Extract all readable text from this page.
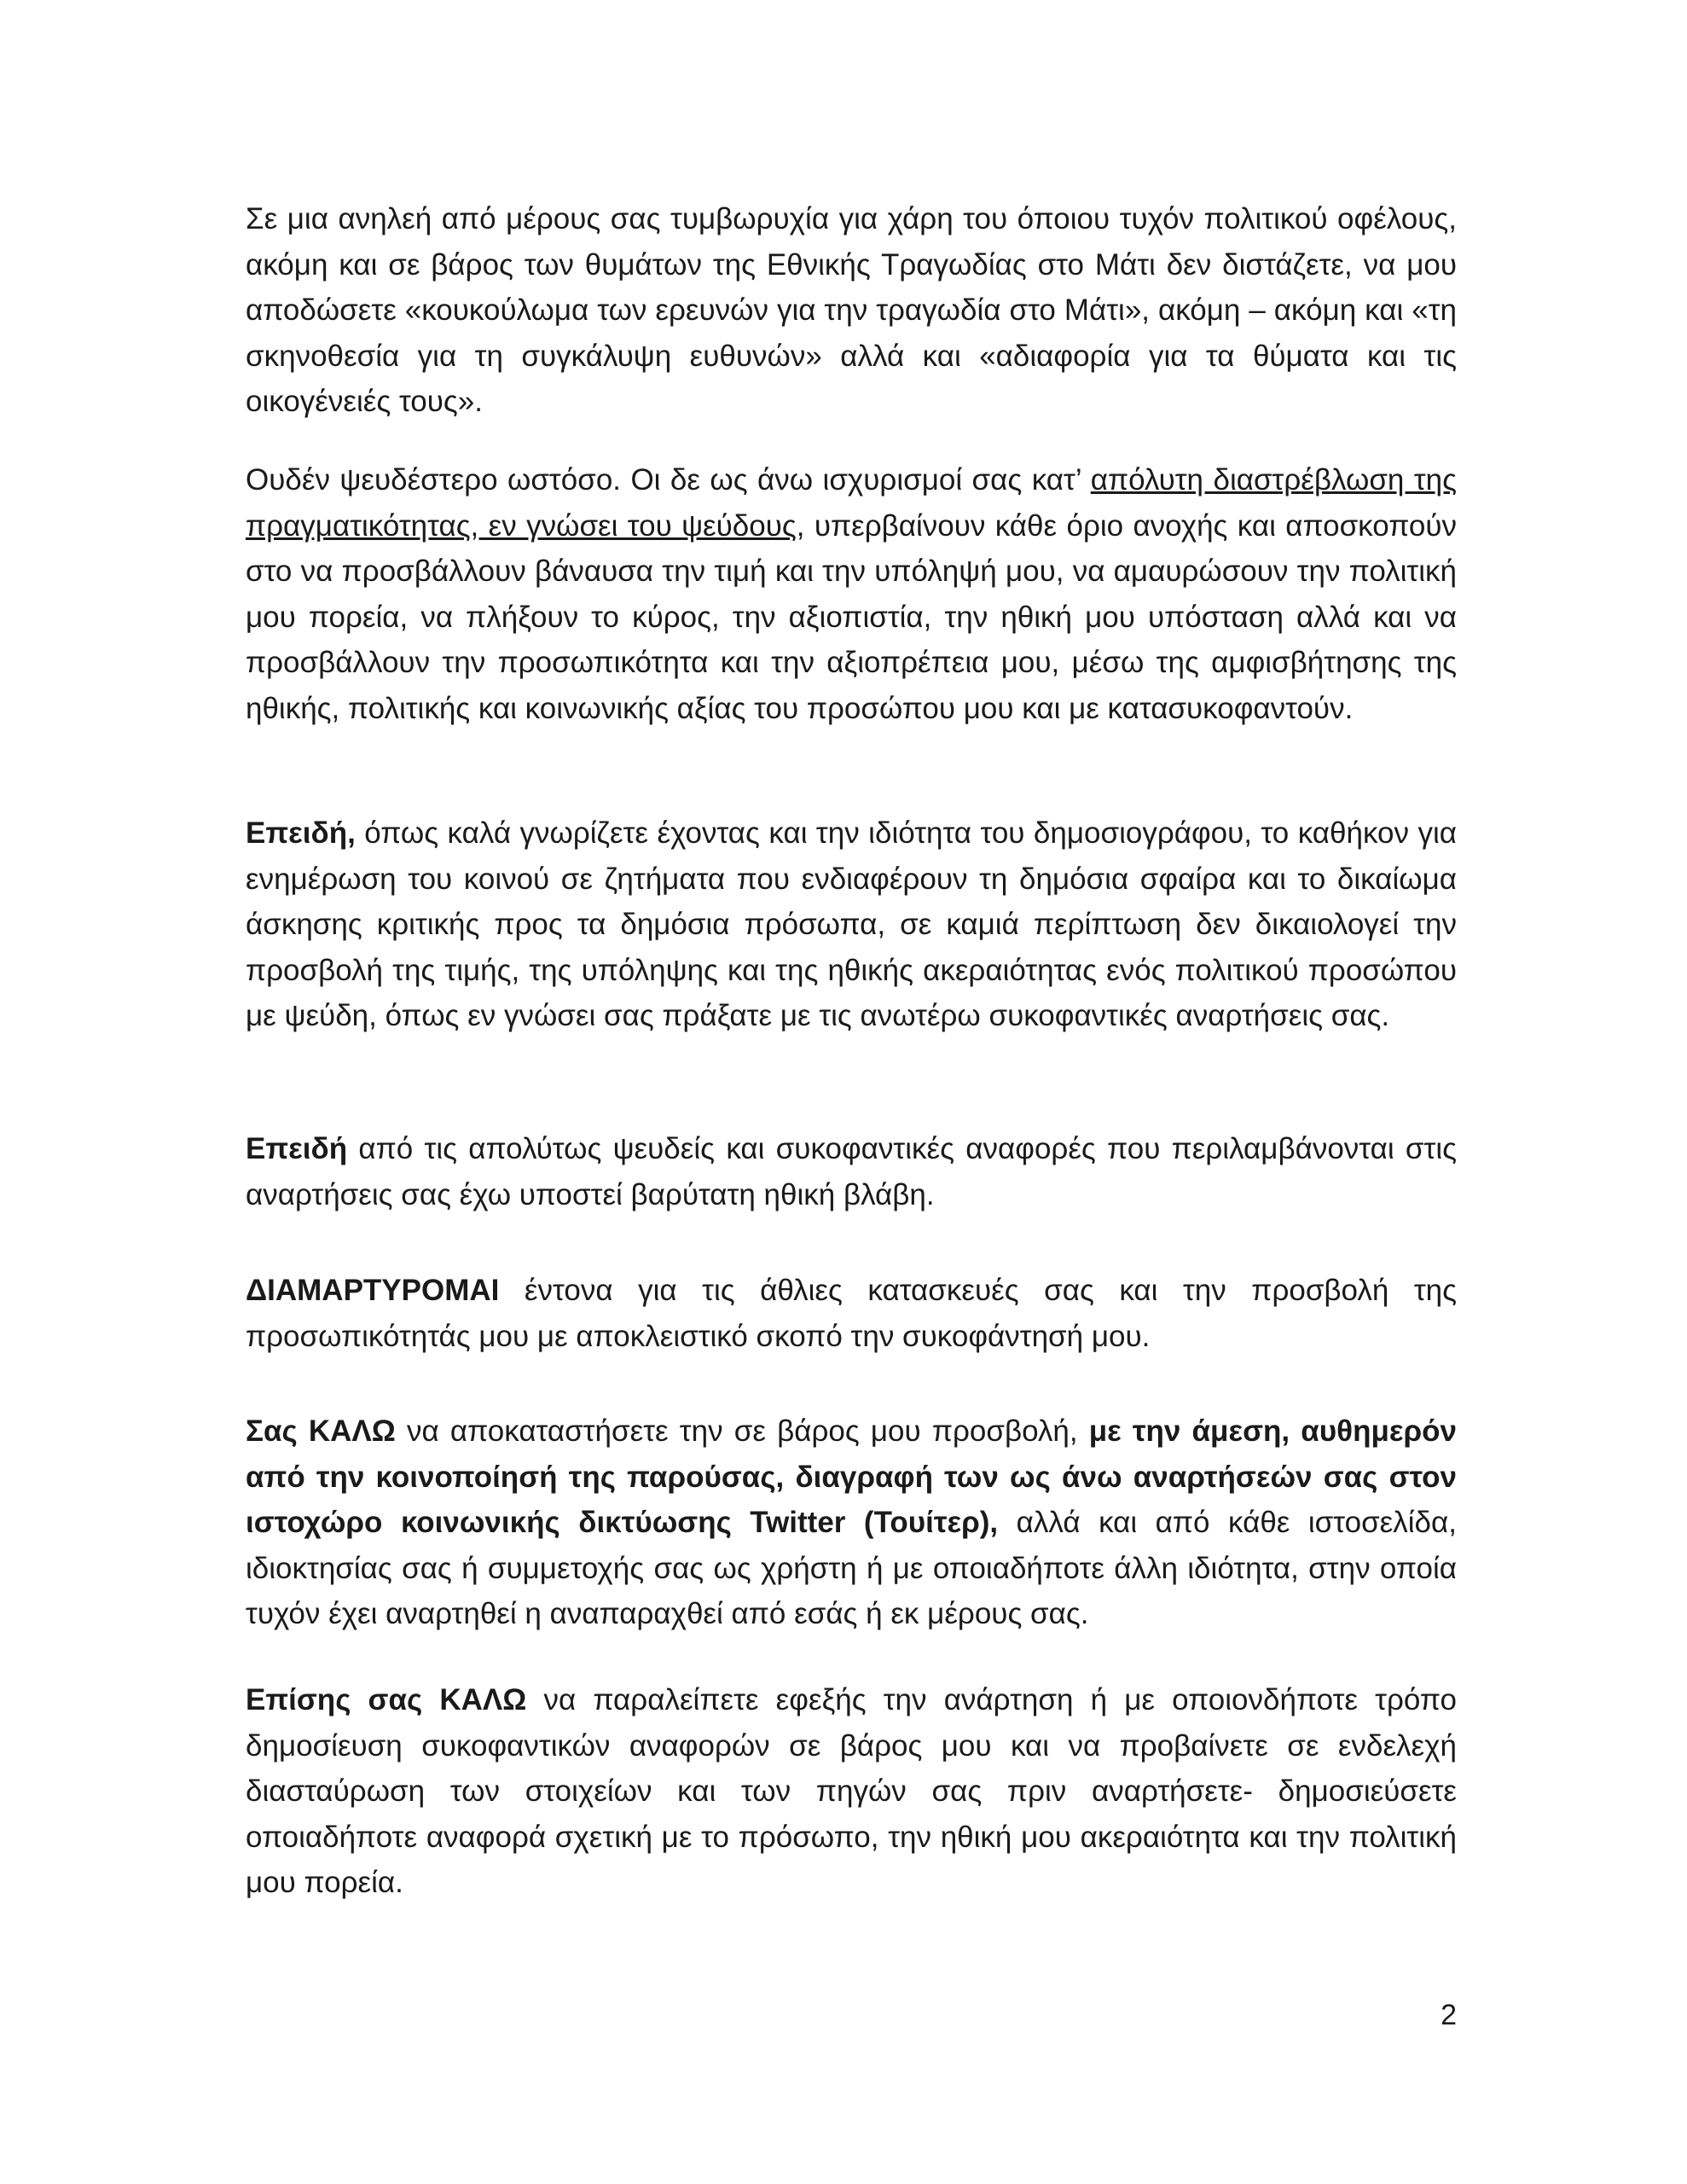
Σε μια ανηλεή από μέρους σας τυμβωρυχία για χάρη του όποιου τυχόν πολιτικού οφέλους, ακόμη και σε βάρος των θυμάτων της Εθνικής Τραγωδίας στο Μάτι δεν διστάζετε, να μου αποδώσετε «κουκούλωμα των ερευνών για την τραγωδία στο Μάτι», ακόμη – ακόμη και «τη σκηνοθεσία για τη συγκάλυψη ευθυνών» αλλά και «αδιαφορία για τα θύματα και τις οικογένειές τους».

Ουδέν ψευδέστερο ωστόσο. Οι δε ως άνω ισχυρισμοί σας κατ’ απόλυτη διαστρέβλωση της πραγματικότητας, εν γνώσει του ψεύδους, υπερβαίνουν κάθε όριο ανοχής και αποσκοπούν στο να προσβάλλουν βάναυσα την τιμή και την υπόληψή μου, να αμαυρώσουν την πολιτική μου πορεία, να πλήξουν το κύρος, την αξιοπιστία, την ηθική μου υπόσταση αλλά και να προσβάλλουν την προσωπικότητα και την αξιοπρέπεια μου, μέσω της αμφισβήτησης της ηθικής, πολιτικής και κοινωνικής αξίας του προσώπου μου και με κατασυκοφαντούν.

Επειδή, όπως καλά γνωρίζετε έχοντας και την ιδιότητα του δημοσιογράφου, το καθήκον για ενημέρωση του κοινού σε ζητήματα που ενδιαφέρουν τη δημόσια σφαίρα και το δικαίωμα άσκησης κριτικής προς τα δημόσια πρόσωπα, σε καμιά περίπτωση δεν δικαιολογεί την προσβολή της τιμής, της υπόληψης και της ηθικής ακεραιότητας ενός πολιτικού προσώπου με ψεύδη, όπως εν γνώσει σας πράξατε με τις ανωτέρω συκοφαντικές αναρτήσεις σας.

Επειδή από τις απολύτως ψευδείς και συκοφαντικές αναφορές που περιλαμβάνονται στις αναρτήσεις σας έχω υποστεί βαρύτατη ηθική βλάβη.

ΔΙΑΜΑΡΤΥΡΟΜΑΙ έντονα για τις άθλιες κατασκευές σας και την προσβολή της προσωπικότητάς μου με αποκλειστικό σκοπό την συκοφάντησή μου.

Σας ΚΑΛΩ να αποκαταστήσετε την σε βάρος μου προσβολή, με την άμεση, αυθημερόν από την κοινοποίησή της παρούσας, διαγραφή των ως άνω αναρτήσεών σας στον ιστοχώρο κοινωνικής δικτύωσης Twitter (Τουίτερ), αλλά και από κάθε ιστοσελίδα, ιδιοκτησίας σας ή συμμετοχής σας ως χρήστη ή με οποιαδήποτε άλλη ιδιότητα, στην οποία τυχόν έχει αναρτηθεί η αναπαραχθεί από εσάς ή εκ μέρους σας.

Επίσης σας ΚΑΛΩ να παραλείπετε εφεξής την ανάρτηση ή με οποιονδήποτε τρόπο δημοσίευση συκοφαντικών αναφορών σε βάρος μου και να προβαίνετε σε ενδελεχή διασταύρωση των στοιχείων και των πηγών σας πριν αναρτήσετε- δημοσιεύσετε οποιαδήποτε αναφορά σχετική με το πρόσωπο, την ηθική μου ακεραιότητα και την πολιτική μου πορεία.

2
